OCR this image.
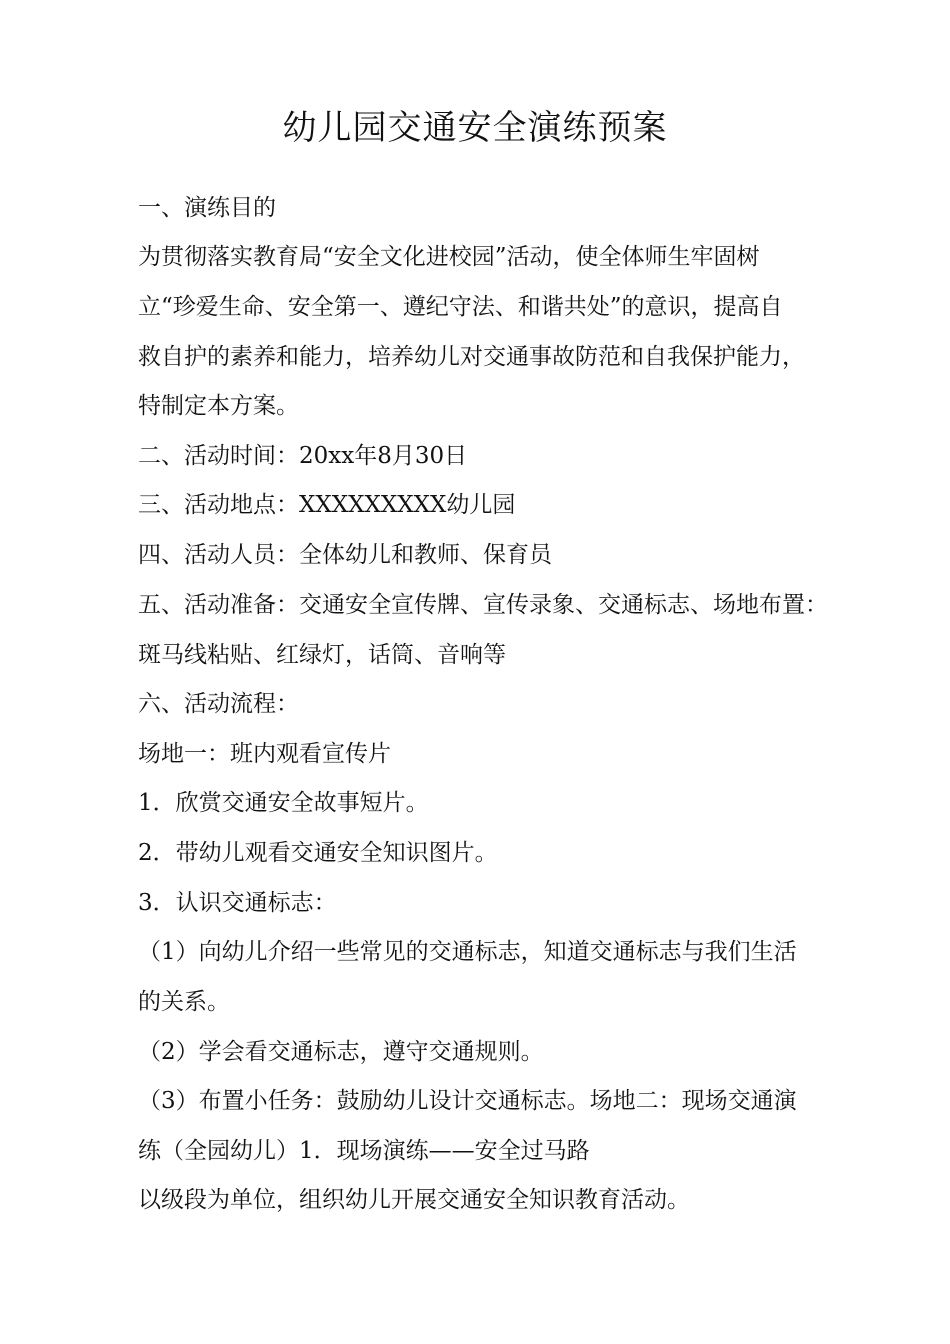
幼儿园交通安全演练预案
一、演练目的
为贯彻落实教育局“安全文化进校园”活动，使全体师生牢固树
立“珍爱生命、安全第一、遵纪守法、和谐共处”的意识，提高自
救自护的素养和能力，培养幼儿对交通事故防范和自我保护能力，
特制定本方案。
二、活动时间：20xx年8月30日
三、活动地点：XXXXXXXXX幼儿园
四、活动人员：全体幼儿和教师、保育员
五、活动准备：交通安全宣传牌、宣传录象、交通标志、场地布置：
斑马线粘贴、红绿灯，话筒、音响等
六、活动流程：
场地一：班内观看宣传片
1．欣赏交通安全故事短片。
2．带幼儿观看交通安全知识图片。
3．认识交通标志：
（1）向幼儿介绍一些常见的交通标志，知道交通标志与我们生活
的关系。
（2）学会看交通标志，遵守交通规则。
（3）布置小任务：鼓励幼儿设计交通标志。场地二：现场交通演
练（全园幼儿）1．现场演练——安全过马路
以级段为单位，组织幼儿开展交通安全知识教育活动。
